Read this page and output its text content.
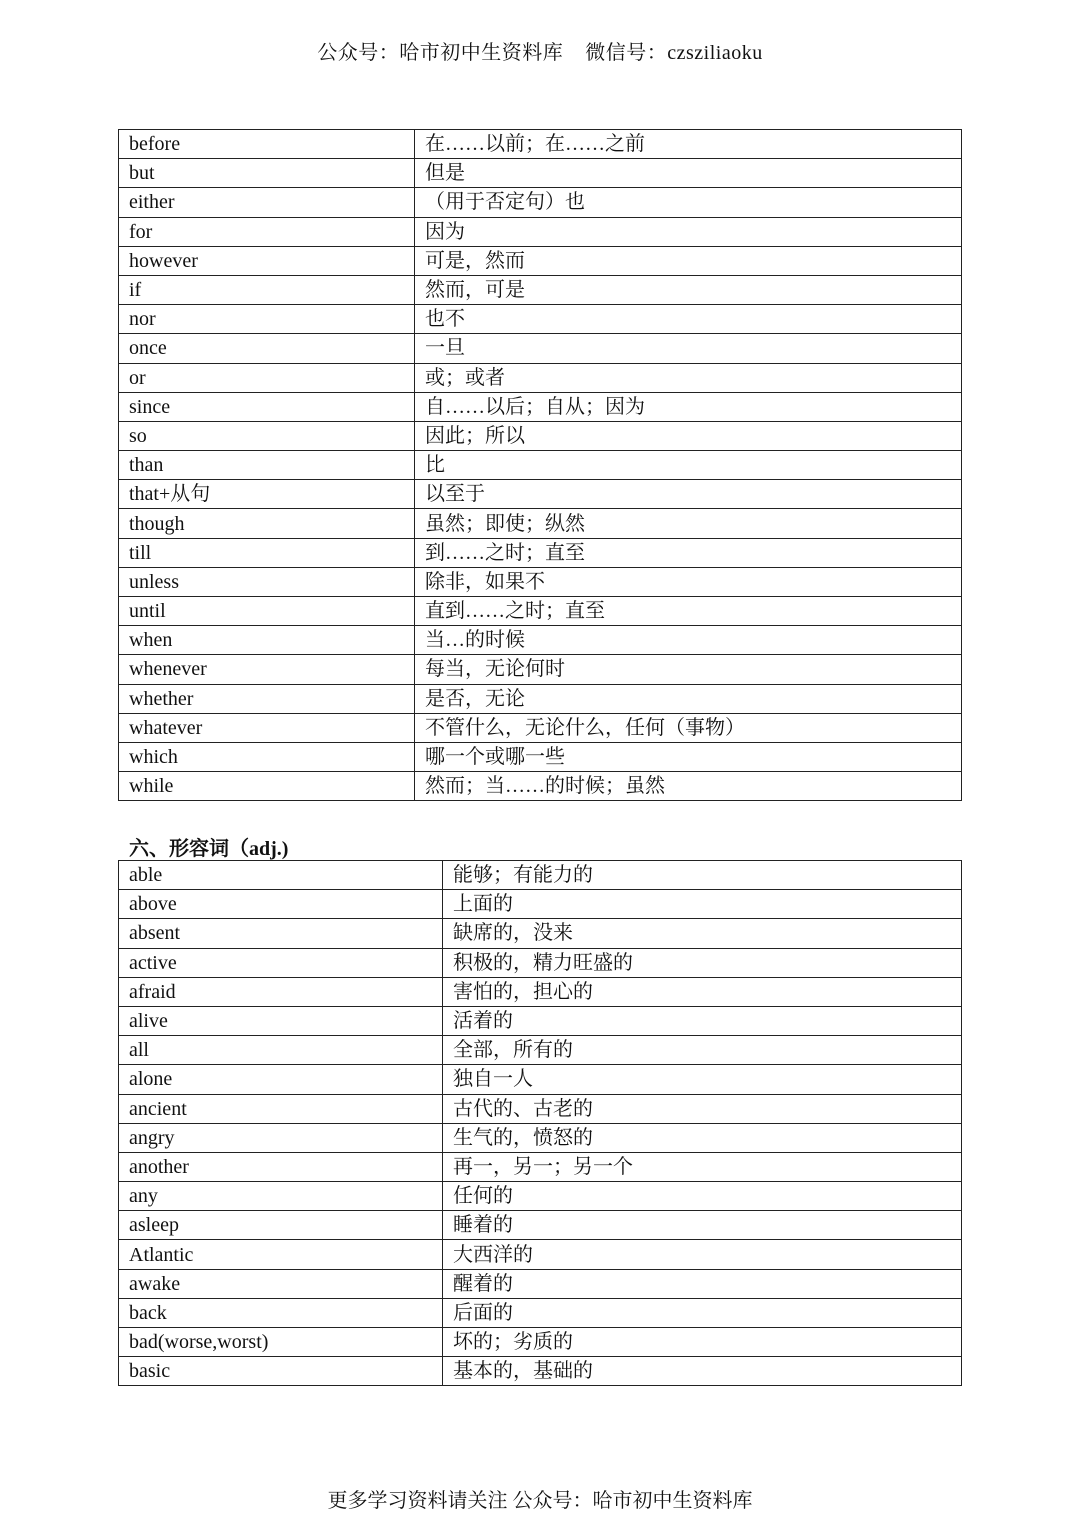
公众号：哈市初中生资料库 微信号：czsziliaoku
before	在……以前；在……之前
but	但是
either	（用于否定句）也
for	因为
however	可是，然而
if	然而，可是
nor	也不
once	一旦
or	或；或者
since	自……以后；自从；因为
so	因此；所以
than	比
that+从句	以至于
though	虽然；即使；纵然
till	到……之时；直至
unless	除非，如果不
until	直到……之时；直至
when	当…的时候
whenever	每当，无论何时
whether	是否，无论
whatever	不管什么，无论什么，任何（事物）
which	哪一个或哪一些
while	然而；当……的时候；虽然
六、形容词（adj.)
able	能够；有能力的
above	上面的
absent	缺席的，没来
active	积极的，精力旺盛的
afraid	害怕的，担心的
alive	活着的
all	全部，所有的
alone	独自一人
ancient	古代的、古老的
angry	生气的，愤怒的
another	再一，另一；另一个
any	任何的
asleep	睡着的
Atlantic	大西洋的
awake	醒着的
back	后面的
bad(worse,worst)	坏的；劣质的
basic	基本的，基础的
更多学习资料请关注 公众号：哈市初中生资料库
